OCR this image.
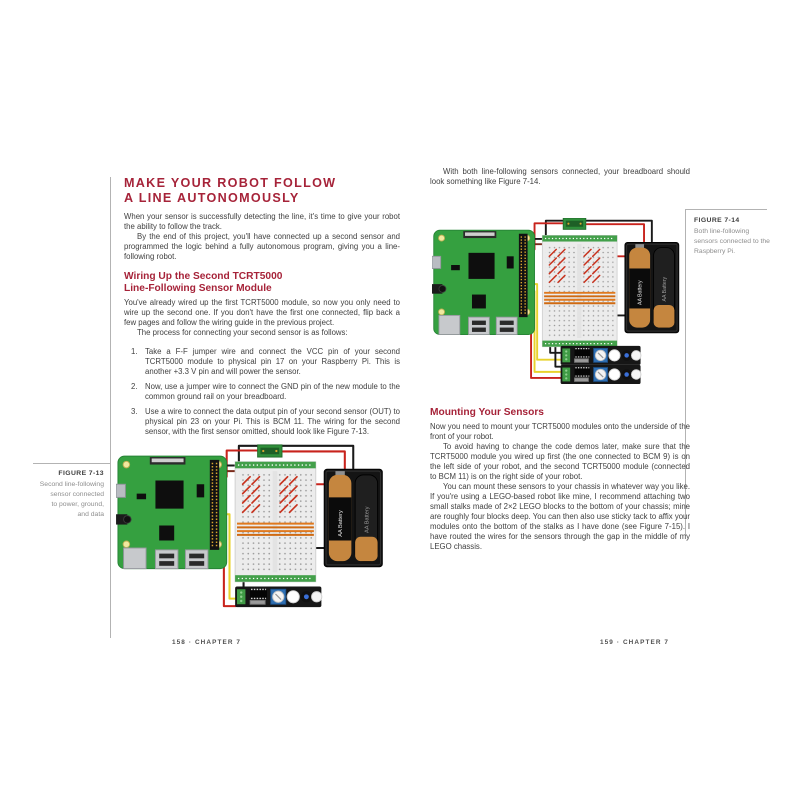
MAKE YOUR ROBOT FOLLOW
A LINE AUTONOMOUSLY

When your sensor is successfully detecting the line, it's time to give your robot the ability to follow the track.

By the end of this project, you'll have connected up a second sensor and programmed the logic behind a fully autonomous program, giving you a line-following robot.

Wiring Up the Second TCRT5000
Line-Following Sensor Module

You've already wired up the first TCRT5000 module, so now you only need to wire up the second one. If you don't have the first one connected, flip back a few pages and follow the wiring guide in the previous project.

The process for connecting your second sensor is as follows:

1. Take a F-F jumper wire and connect the VCC pin of your second TCRT5000 module to physical pin 17 on your Raspberry Pi. This is another +3.3 V pin and will power the sensor.
2. Now, use a jumper wire to connect the GND pin of the new module to the common ground rail on your breadboard.
3. Use a wire to connect the data output pin of your second sensor (OUT) to physical pin 23 on your Pi. This is BCM 11. The wiring for the second sensor, with the first sensor omitted, should look like Figure 7-13.
FIGURE 7-13
Second line-following
sensor connected
to power, ground,
and data
158 · CHAPTER 7

With both line-following sensors connected, your breadboard should look something like Figure 7-14.

Mounting Your Sensors

Now you need to mount your TCRT5000 modules onto the underside of the front of your robot.

To avoid having to change the code demos later, make sure that the TCRT5000 module you wired up first (the one connected to BCM 9) is on the left side of your robot, and the second TCRT5000 module (connected to BCM 11) is on the right side of your robot.

You can mount these sensors to your chassis in whatever way you like. If you're using a LEGO-based robot like mine, I recommend attaching two small stalks made of 2×2 LEGO blocks to the bottom of your chassis; mine are roughly four blocks deep. You can then also use sticky tack to affix your modules onto the bottom of the stalks as I have done (see Figure 7-15). I have routed the wires for the sensors through the gap in the middle of my LEGO chassis.

FIGURE 7-14
Both line-following
sensors connected to the
Raspberry Pi.
159 · CHAPTER 7
